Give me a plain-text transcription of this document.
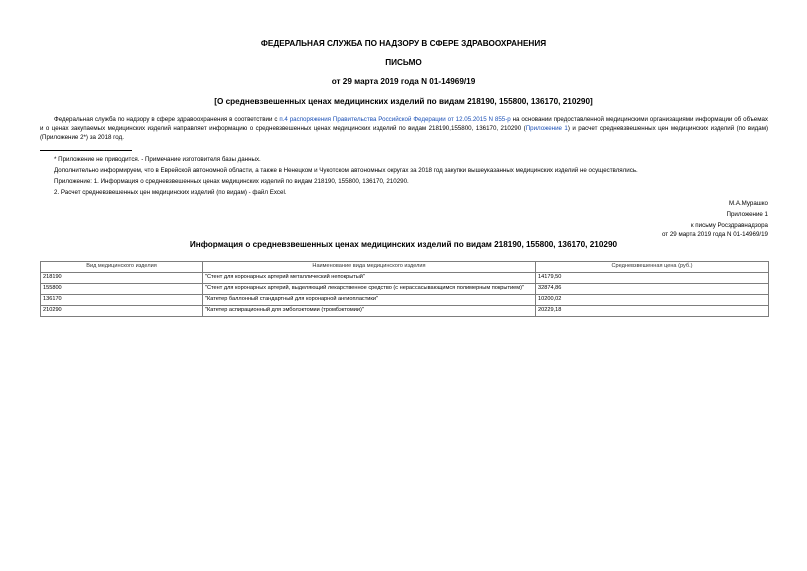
ФЕДЕРАЛЬНАЯ СЛУЖБА ПО НАДЗОРУ В СФЕРЕ ЗДРАВООХРАНЕНИЯ
ПИСЬМО
от 29 марта 2019 года N 01-14969/19
[О средневзвешенных ценах медицинских изделий по видам 218190, 155800, 136170, 210290]

Федеральная служба по надзору в сфере здравоохранения в соответствии с п.4 распоряжения Правительства Российской Федерации от 12.05.2015 N 855-р на основании предоставленной медицинскими организациями информации об объемах и о ценах закупаемых медицинских изделий направляет информацию о средневзвешенных ценах медицинских изделий по видам 218190,155800, 136170, 210290 (Приложение 1) и расчет средневзвешенных цен медицинских изделий (по видам) (Приложение 2*) за 2018 год.

* Приложение не приводится. - Примечание изготовителя базы данных.
Дополнительно информируем, что в Еврейской автономной области, а также в Ненецком и Чукотском автономных округах за 2018 год закупки вышеуказанных медицинских изделий не осуществлялись.
Приложение: 1. Информация о средневзвешенных ценах медицинских изделий по видам 218190, 155800, 136170, 210290.
2. Расчет средневзвешенных цен медицинских изделий (по видам) - файл Excel.
М.А.Мурашко
Приложение 1
к письму Росздравнадзора
от 29 марта 2019 года N 01-14969/19
Информация о средневзвешенных ценах медицинских изделий по видам 218190, 155800, 136170, 210290
Вид медицинского изделия	Наименование вида медицинского изделия	Средневзвешенная цена (руб.)
218190	"Стент для коронарных артерий металлический непокрытый"	14179,50
155800	"Стент для коронарных артерий, выделяющий лекарственное средство (с нерассасывающимся полимерным покрытием)"	32874,86
136170	"Катетер баллонный стандартный для коронарной ангиопластики"	10200,02
210290	"Катетер аспирационный для эмболэктомии (тромбэктомии)"	20229,18
